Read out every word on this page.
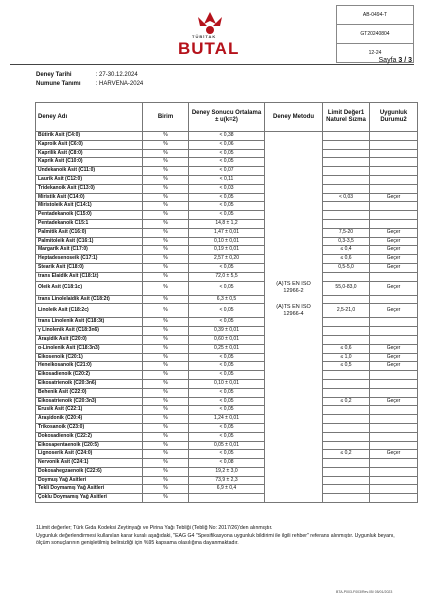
TÜBİTAK
BUTAL
AB-0494-T
GT20240804
12-24
Sayfa 3 / 3
Deney Tarihi	: 27-30.12.2024
Numune Tanımı	: HARVENA-2024
Deney Adı	Birim	Deney Sonucu Ortalama ± u(k=2)	Deney Metodu	Limit Değer1 Naturel Sızma	Uygunluk Durumu2
Bütirik Asit (C4:0)	%	< 0,38			
Kaproik Asit (C6:0)	%	< 0,06			
Kaprilik Asit (C8:0)	%	< 0,05			
Kaprik Asit (C10:0)	%	< 0,05			
Undekanoik Asit (C11:0)	%	< 0,07			
Laurik Asit (C12:0)	%	< 0,11			
Tridekanoik Asit (C13:0)	%	< 0,03			
Miristik Asit (C14:0)	%	< 0,05		< 0,03	Geçer
Miristoleik Asit (C14:1)	%	< 0,05			
Pentadekanoik (C15:0)	%	< 0,05			
Pentadekanoik C15:1	%	14,8 ± 1,2			
Palmitik Asit (C16:0)	%	1,47 ± 0,01		7,5-20	Geçer
Palmitoleik Asit (C16:1)	%	0,10 ± 0,01		0,3-3,5	Geçer
Margarik Asit (C17:0)	%	0,19 ± 0,01		≤ 0,4	Geçer
Heptadesenoseik (C17:1)	%	2,57 ± 0,20		≤ 0,6	Geçer
Stearik Asit (C18:0)	%	< 0,05		0,5-5,0	Geçer
trans Elaidik Asit (C18:1t)	%	72,0 ± 5,5			
Oleik Asit (C18:1c)	%	< 0,05	(A)TS EN ISO 12966-2	55,0-83,0	Geçer
trans Linolelaidik Asit (C18:2t)	%	6,3 ± 0,5			
Linoleik Asit (C18:2c)	%	< 0,05	(A)TS EN ISO 12966-4	2,5-21,0	Geçer
trans Linolenik Asit (C18:3t)	%	< 0,05			
γ Linolenik Asit (C18:3n6)	%	0,39 ± 0,01			
Araşidik Asit (C20:0)	%	0,60 ± 0,01			
α-Linolenik Asit (C18:3n3)	%	0,25 ± 0,01		≤ 0,6	Geçer
Eikosenoik (C20:1)	%	< 0,05		≤ 1,0	Geçer
Heneikosanoik (C21:0)	%	< 0,05		≤ 0,5	Geçer
Eikosadienoik (C20:2)	%	< 0,05			
Eikosatrienoik (C20:3n6)	%	0,10 ± 0,01			
Behenik Asit (C22:0)	%	< 0,05			
Eikosatrienoik (C20:3n3)	%	< 0,05		≤ 0,2	Geçer
Erusik Asit (C22:1)	%	< 0,05			
Araşidonik (C20:4)	%	1,24 ± 0,01			
Trikosanoik (C23:0)	%	< 0,05			
Dokosadienoik (C22:2)	%	< 0,05			
Eikosapentaenoik (C20:5)	%	0,05 ± 0,01			
Lignoserik Asit (C24:0)	%	< 0,05		≤ 0,2	Geçer
Nervonik Asit (C24:1)	%	< 0,08			
Dokosahegzaenoik (C22:6)	%	19,2 ± 3,0			
Doymuş Yağ Asitleri	%	73,9 ± 2,3			
Tekli Doymamış Yağ Asitleri	%	6,9 ± 0,4			
Çoklu Doymamış Yağ Asitleri	%				

1Limit değerler; Türk Gıda Kodeksi Zeytinyağı ve Pirina Yağı Tebliği (Tebliğ No: 2017/26)'den alınmıştır.

Uygunluk değerlendirmesi kullanılan karar kuralı aşağıdaki, "EAG G4 "Spesifikasyona uygunluk bildirimi ile ilgili rehber" referans alınmıştır. Uygunluk beyanı, ölçüm sonuçlarının genişletilmiş belirsizliği için %95 kapsama olasılığına dayanmaktadır.

BTA-P003-F003/Rev.05/ 05/01/2023
